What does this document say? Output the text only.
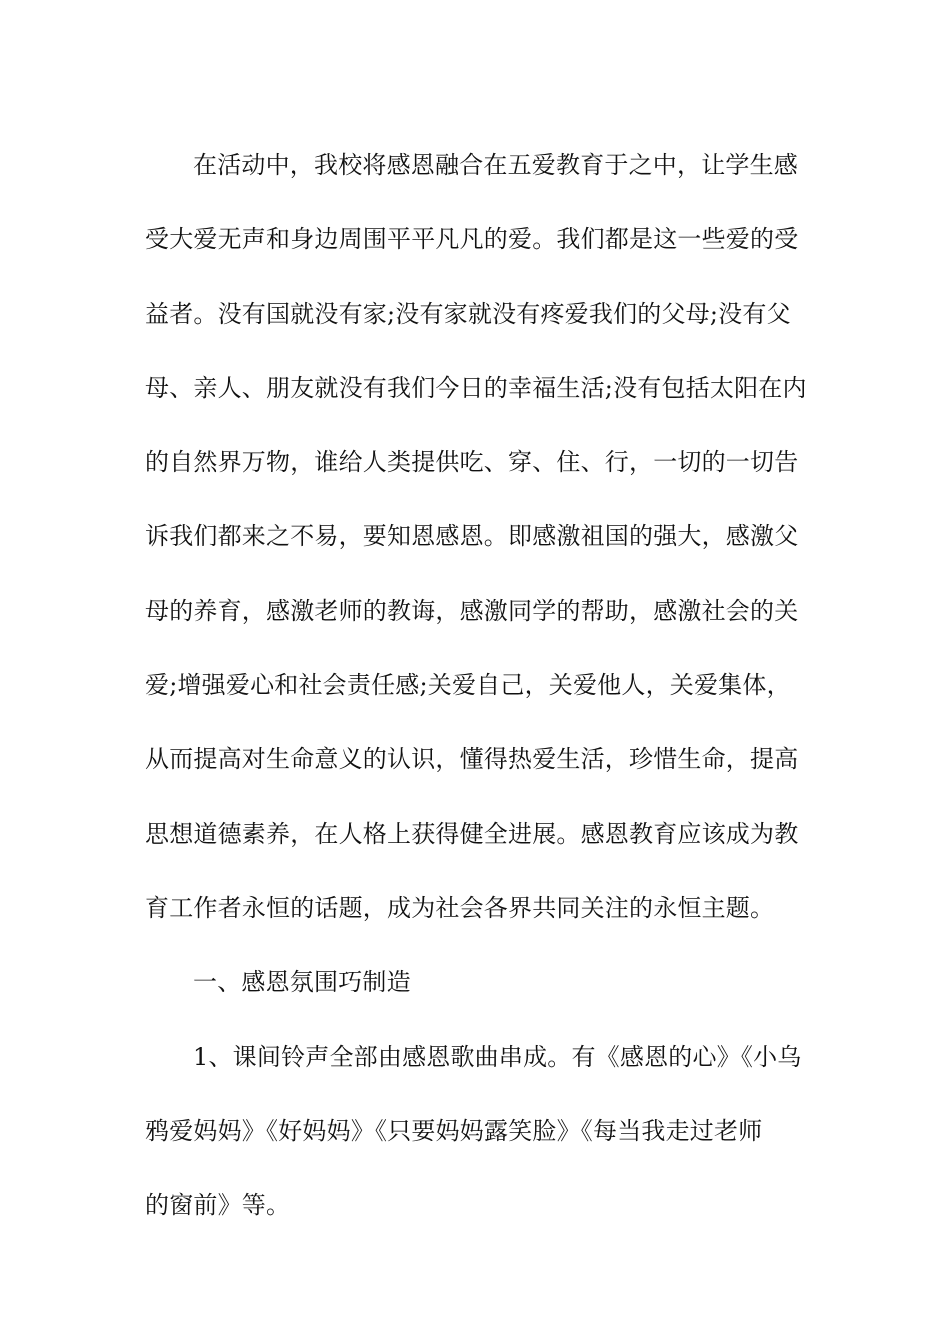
在活动中，我校将感恩融合在五爱教育于之中，让学生感
受大爱无声和身边周围平平凡凡的爱。我们都是这一些爱的受
益者。没有国就没有家;没有家就没有疼爱我们的父母;没有父
母、亲人、朋友就没有我们今日的幸福生活;没有包括太阳在内
的自然界万物，谁给人类提供吃、穿、住、行，一切的一切告
诉我们都来之不易，要知恩感恩。即感激祖国的强大，感激父
母的养育，感激老师的教诲，感激同学的帮助，感激社会的关
爱;增强爱心和社会责任感;关爱自己，关爱他人，关爱集体，
从而提高对生命意义的认识，懂得热爱生活，珍惜生命，提高
思想道德素养，在人格上获得健全进展。感恩教育应该成为教
育工作者永恒的话题，成为社会各界共同关注的永恒主题。

一、感恩氛围巧制造

1、课间铃声全部由感恩歌曲串成。有《感恩的心》《小乌
鸦爱妈妈》《好妈妈》《只要妈妈露笑脸》《每当我走过老师
的窗前》等。
